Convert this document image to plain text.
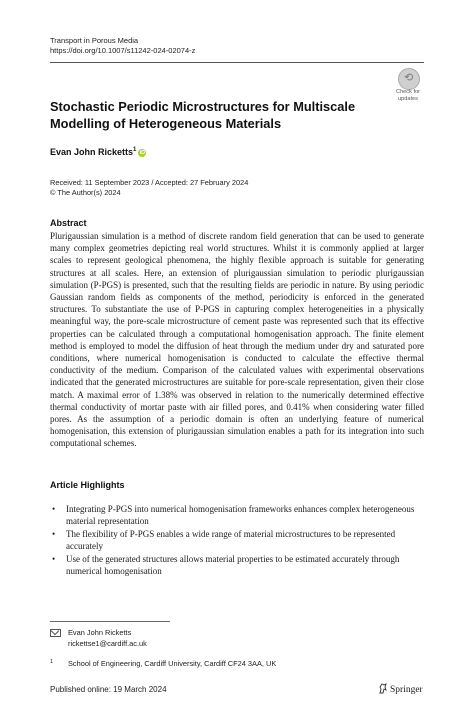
Transport in Porous Media
https://doi.org/10.1007/s11242-024-02074-z
⟲
Check for
updates
Stochastic Periodic Microstructures for Multiscale Modelling of Heterogeneous Materials
Evan John Ricketts$^1$ iD
Received: 11 September 2023 / Accepted: 27 February 2024
© The Author(s) 2024
Abstract
Plurigaussian simulation is a method of discrete random field generation that can be used to generate many complex geometries depicting real world structures. Whilst it is commonly applied at larger scales to represent geological phenomena, the highly flexible approach is suitable for generating structures at all scales. Here, an extension of plurigaussian simulation to periodic plurigaussian simulation (P-PGS) is presented, such that the resulting fields are periodic in nature. By using periodic Gaussian random fields as components of the method, periodicity is enforced in the generated structures. To substantiate the use of P-PGS in capturing complex heterogeneities in a physically meaningful way, the pore-scale microstructure of cement paste was represented such that its effective properties can be calculated through a computational homogenisation approach. The finite element method is employed to model the diffusion of heat through the medium under dry and saturated pore conditions, where numerical homogenisation is conducted to calculate the effective thermal conductivity of the medium. Comparison of the calculated values with experimental observations indicated that the generated microstructures are suitable for pore-scale representation, given their close match. A maximal error of 1.38% was observed in relation to the numerically determined effective thermal conductivity of mortar paste with air filled pores, and 0.41% when considering water filled pores. As the assumption of a periodic domain is often an underlying feature of numerical homogenisation, this extension of plurigaussian simulation enables a path for its integration into such computational schemes.
Article Highlights
• Integrating P-PGS into numerical homogenisation frameworks enhances complex heterogeneous material representation
• The flexibility of P-PGS enables a wide range of material microstructures to be represented accurately
• Use of the generated structures allows material properties to be estimated accurately through numerical homogenisation
Evan John Ricketts
rickettse1@cardiff.ac.uk
1 School of Engineering, Cardiff University, Cardiff CF24 3AA, UK
Published online: 19 March 2024	Springer
